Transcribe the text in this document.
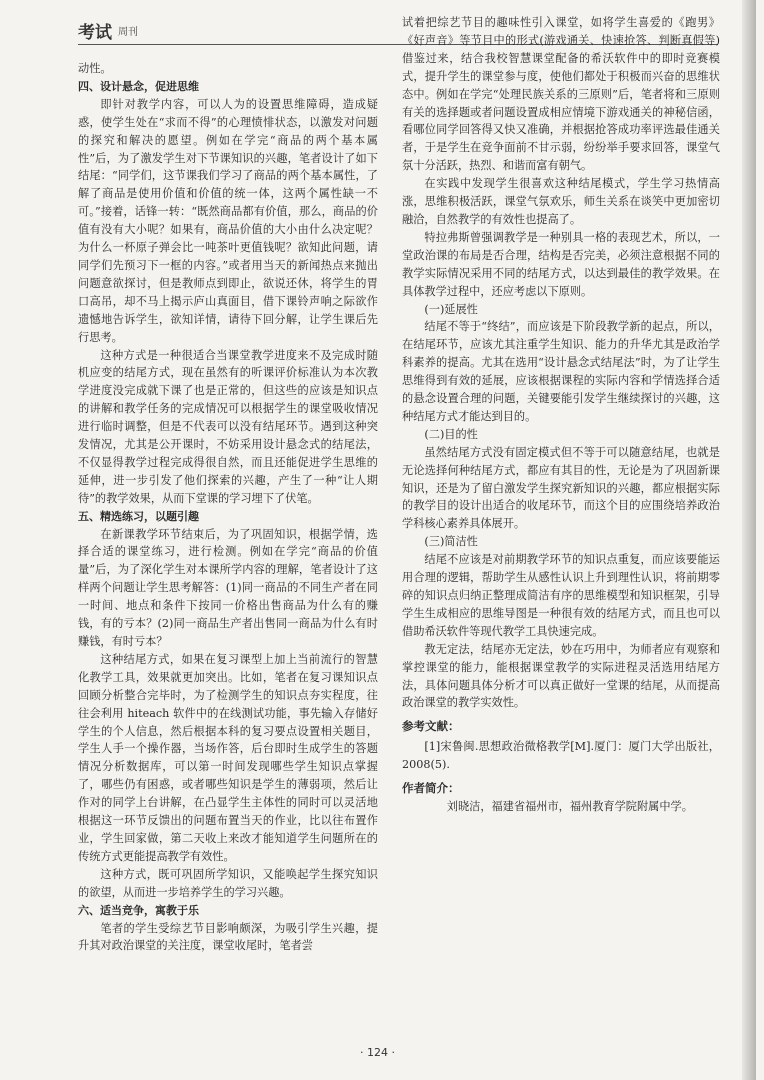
考试 周刊

动性。

四、设计悬念，促进思维

即针对教学内容，可以人为的设置思维障碍，造成疑惑，使学生处在“求而不得”的心理愤悱状态，以激发对问题的探究和解决的愿望。例如在学完“商品的两个基本属性”后，为了激发学生对下节课知识的兴趣，笔者设计了如下结尾：“同学们，这节课我们学习了商品的两个基本属性，了解了商品是使用价值和价值的统一体，这两个属性缺一不可。”接着，话锋一转：“既然商品都有价值，那么，商品的价值有没有大小呢？如果有，商品价值的大小由什么决定呢？为什么一杯原子弹会比一吨茶叶更值钱呢？欲知此问题，请同学们先预习下一框的内容。”或者用当天的新闻热点来抛出问题意欲探讨，但是教师点到即止，欲说还休，将学生的胃口高吊，却不马上揭示庐山真面目，借下课铃声响之际欲作遗憾地告诉学生，欲知详情，请待下回分解，让学生课后先行思考。

这种方式是一种很适合当课堂教学进度来不及完成时随机应变的结尾方式，现在虽然有的听课评价标准认为本次教学进度没完成就下课了也是正常的，但这些的应该是知识点的讲解和教学任务的完成情况可以根据学生的课堂吸收情况进行临时调整，但是不代表可以没有结尾环节。遇到这种突发情况，尤其是公开课时，不妨采用设计悬念式的结尾法，不仅显得教学过程完成得很自然，而且还能促进学生思维的延伸，进一步引发了他们探索的兴趣，产生了一种“让人期待”的教学效果，从而下堂课的学习埋下了伏笔。

五、精选练习，以题引趣

在新课教学环节结束后，为了巩固知识，根据学情，选择合适的课堂练习，进行检测。例如在学完“商品的价值量”后，为了深化学生对本课所学内容的理解，笔者设计了这样两个问题让学生思考解答：(1)同一商品的不同生产者在同一时间、地点和条件下按同一价格出售商品为什么有的赚钱，有的亏本？(2)同一商品生产者出售同一商品为什么有时赚钱，有时亏本？

这种结尾方式，如果在复习课型上加上当前流行的智慧化教学工具，效果就更加突出。比如，笔者在复习课知识点回顾分析整合完毕时，为了检测学生的知识点夯实程度，往往会利用 hiteach 软件中的在线测试功能，事先输入存储好学生的个人信息，然后根据本科的复习要点设置相关题目，学生人手一个操作器，当场作答，后台即时生成学生的答题情况分析数据库，可以第一时间发现哪些学生知识点掌握了，哪些仍有困惑，或者哪些知识是学生的薄弱项，然后让作对的同学上台讲解，在凸显学生主体性的同时可以灵活地根据这一环节反馈出的问题布置当天的作业，比以往布置作业，学生回家做，第二天收上来改才能知道学生问题所在的传统方式更能提高教学有效性。

这种方式，既可巩固所学知识，又能唤起学生探究知识的欲望，从而进一步培养学生的学习兴趣。

六、适当竞争，寓教于乐

笔者的学生受综艺节目影响颇深，为吸引学生兴趣，提升其对政治课堂的关注度，课堂收尾时，笔者尝

试着把综艺节目的趣味性引入课堂，如将学生喜爱的《跑男》《好声音》等节目中的形式(游戏通关、快速抢答、判断真假等)借鉴过来，结合我校智慧课堂配备的希沃软件中的即时竞赛模式，提升学生的课堂参与度，使他们都处于积极而兴奋的思维状态中。例如在学完“处理民族关系的三原则”后，笔者将和三原则有关的选择题或者问题设置成相应情境下游戏通关的神秘信函，看哪位同学回答得又快又准确，并根据抢答成功率评选最佳通关者，于是学生在竞争面前不甘示弱，纷纷举手要求回答，课堂气氛十分活跃，热烈、和谐而富有朝气。

在实践中发现学生很喜欢这种结尾模式，学生学习热情高涨，思维积极活跃，课堂气氛欢乐，师生关系在谈笑中更加密切融洽，自然教学的有效性也提高了。

特拉弗斯曾强调教学是一种别具一格的表现艺术，所以，一堂政治课的布局是否合理，结构是否完美，必须注意根据不同的教学实际情况采用不同的结尾方式，以达到最佳的教学效果。在具体教学过程中，还应考虑以下原则。

(一)延展性

结尾不等于“终结”，而应该是下阶段教学新的起点，所以，在结尾环节，应该尤其注重学生知识、能力的升华尤其是政治学科素养的提高。尤其在选用“设计悬念式结尾法”时，为了让学生思维得到有效的延展，应该根据课程的实际内容和学情选择合适的悬念设置合理的问题，关键要能引发学生继续探讨的兴趣，这种结尾方式才能达到目的。

(二)目的性

虽然结尾方式没有固定模式但不等于可以随意结尾，也就是无论选择何种结尾方式，都应有其目的性，无论是为了巩固新课知识，还是为了留白激发学生探究新知识的兴趣，都应根据实际的教学目的设计出适合的收尾环节，而这个目的应围绕培养政治学科核心素养具体展开。

(三)简洁性

结尾不应该是对前期教学环节的知识点重复，而应该要能运用合理的逻辑，帮助学生从感性认识上升到理性认识，将前期零碎的知识点归纳正整理成简洁有序的思维模型和知识框架，引导学生生成相应的思维导图是一种很有效的结尾方式，而且也可以借助希沃软件等现代教学工具快速完成。

教无定法，结尾亦无定法，妙在巧用中，为师者应有观察和掌控课堂的能力，能根据课堂教学的实际进程灵活选用结尾方法，具体问题具体分析才可以真正做好一堂课的结尾，从而提高政治课堂的教学实效性。

参考文献：

[1]宋鲁闽.思想政治微格教学[M].厦门：厦门大学出版社，2008(5).

作者简介：

刘晓洁，福建省福州市，福州教育学院附属中学。

· 124 ·
